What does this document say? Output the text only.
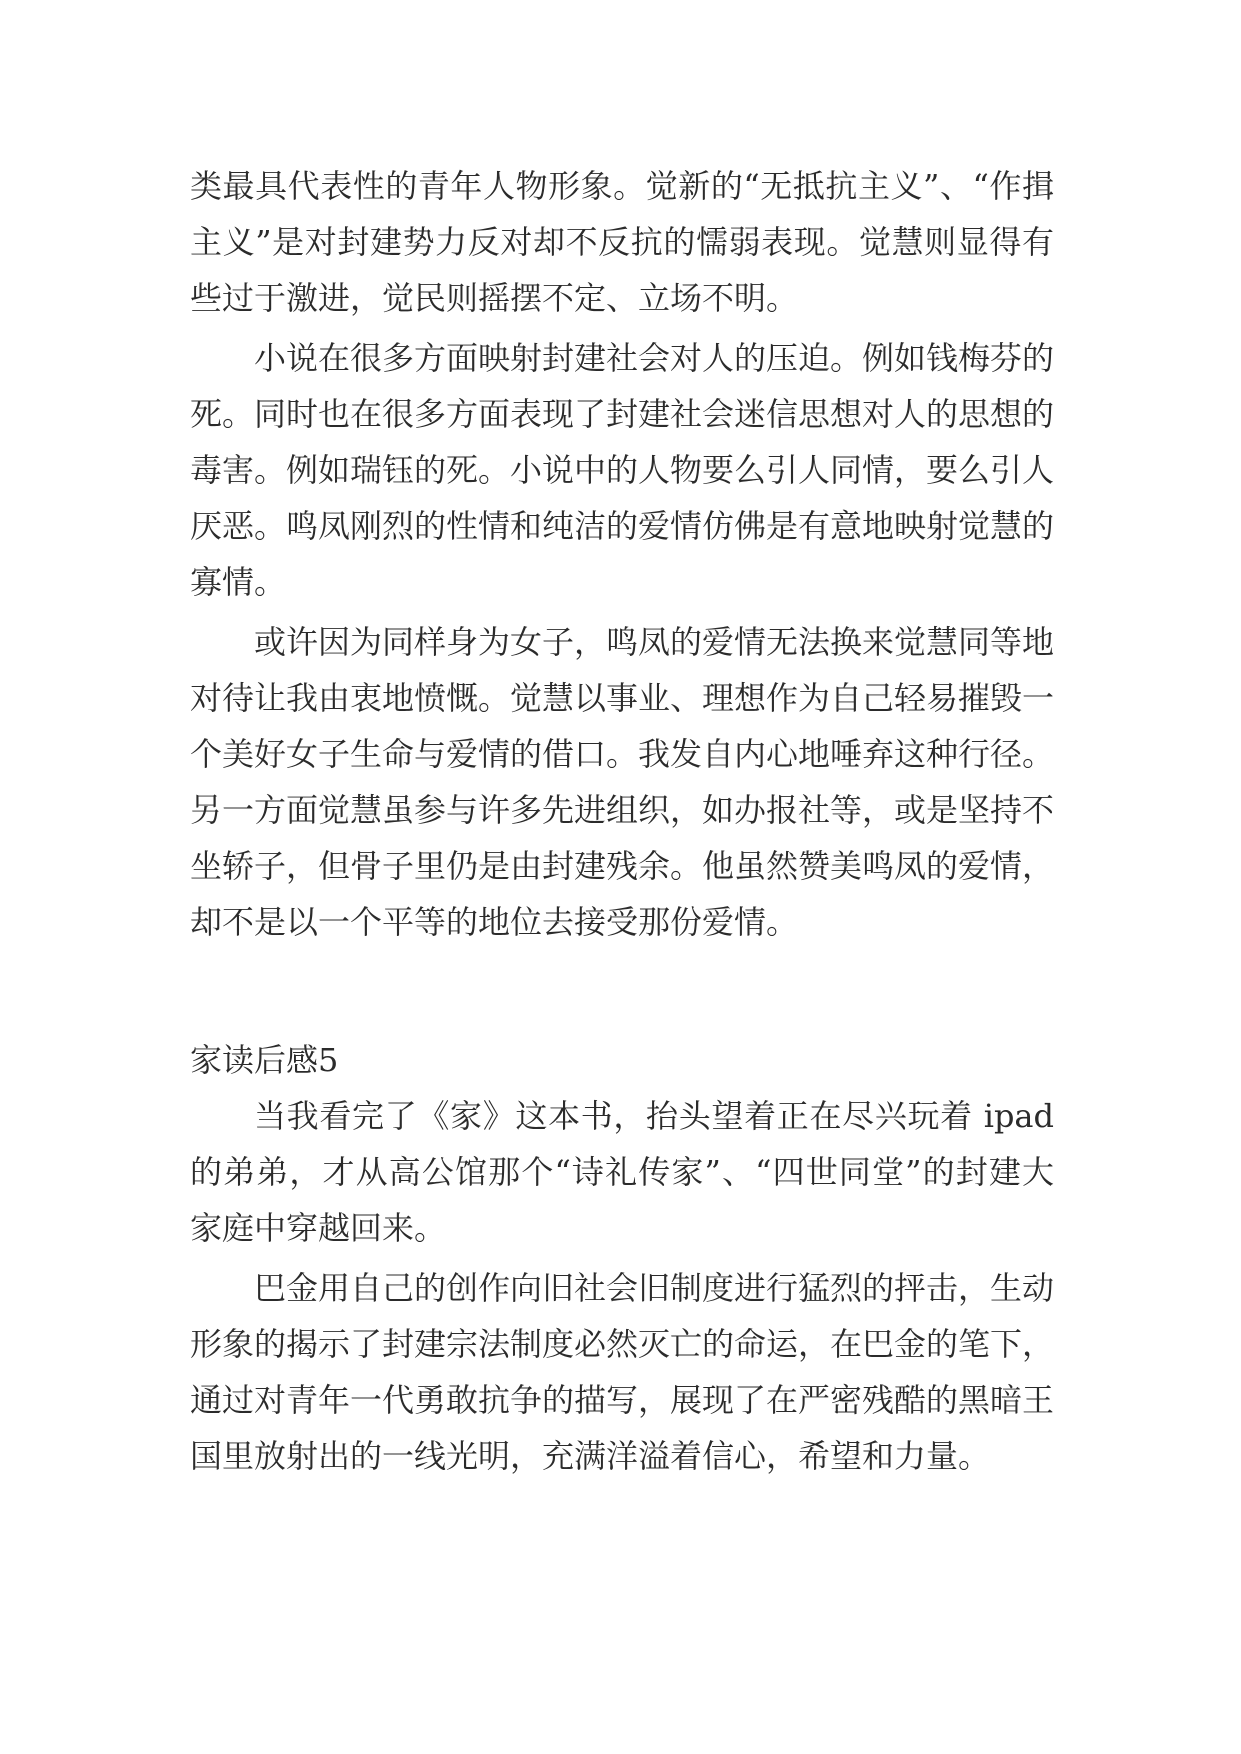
类最具代表性的青年人物形象。觉新的“无抵抗主义”、“作揖主义”是对封建势力反对却不反抗的懦弱表现。觉慧则显得有些过于激进，觉民则摇摆不定、立场不明。

小说在很多方面映射封建社会对人的压迫。例如钱梅芬的死。同时也在很多方面表现了封建社会迷信思想对人的思想的毒害。例如瑞钰的死。小说中的人物要么引人同情，要么引人厌恶。鸣凤刚烈的性情和纯洁的爱情仿佛是有意地映射觉慧的寡情。

或许因为同样身为女子，鸣凤的爱情无法换来觉慧同等地对待让我由衷地愤慨。觉慧以事业、理想作为自己轻易摧毁一个美好女子生命与爱情的借口。我发自内心地唾弃这种行径。另一方面觉慧虽参与许多先进组织，如办报社等，或是坚持不坐轿子，但骨子里仍是由封建残余。他虽然赞美鸣凤的爱情，却不是以一个平等的地位去接受那份爱情。

家读后感5

当我看完了《家》这本书，抬头望着正在尽兴玩着 ipad 的弟弟，才从高公馆那个“诗礼传家”、“四世同堂”的封建大家庭中穿越回来。

巴金用自己的创作向旧社会旧制度进行猛烈的抨击，生动形象的揭示了封建宗法制度必然灭亡的命运，在巴金的笔下，通过对青年一代勇敢抗争的描写，展现了在严密残酷的黑暗王国里放射出的一线光明，充满洋溢着信心，希望和力量。
